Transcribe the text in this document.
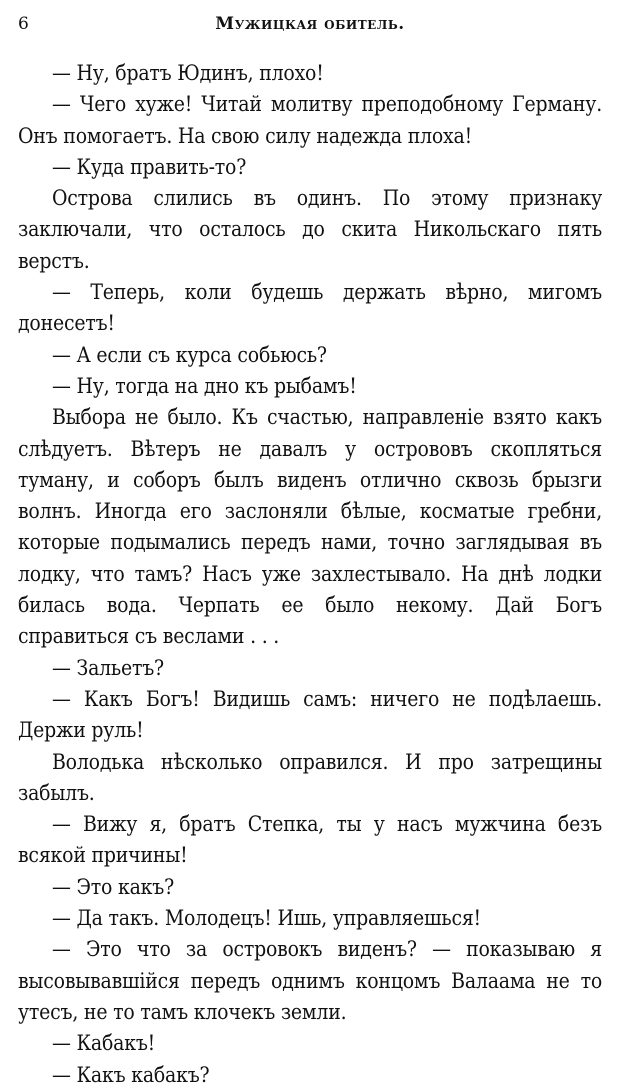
6	Мужицкая обитель.

— Ну, братъ Юдинъ, плохо!

— Чего хуже! Читай молитву преподобному Герману. Онъ помогаетъ. На свою силу надежда плоха!

— Куда править-то?

Острова слились въ одинъ. По этому признаку заключали, что осталось до скита Никольскаго пять верстъ.

— Теперь, коли будешь держать вѣрно, мигомъ донесетъ!

— А если съ курса собьюсь?

— Ну, тогда на дно къ рыбамъ!

Выбора не было. Къ счастью, направленіе взято какъ слѣдуетъ. Вѣтеръ не давалъ у острововъ скоплятьcя туману, и соборъ былъ виденъ отлично сквозь брызги волнъ. Иногда его заслоняли бѣлые, косматые гребни, которые подымались передъ нами, точно заглядывая въ лодку, что тамъ? Насъ уже захлестывало. На днѣ лодки билась вода. Черпать ее было некому. Дай Богъ справиться съ веслами . . .

— Зальетъ?

— Какъ Богъ! Видишь самъ: ничего не подѣлаешь. Держи руль!

Володька нѣсколько оправился. И про затрещины забылъ.

— Вижу я, братъ Степка, ты у насъ мужчина безъ всякой причины!

— Это какъ?

— Да такъ. Молодецъ! Ишь, управляешься!

— Это что за островокъ виденъ? — показываю я высовывавшійся передъ однимъ концомъ Валаама не то утесъ, не то тамъ клочекъ земли.

— Кабакъ!

— Какъ кабакъ?
